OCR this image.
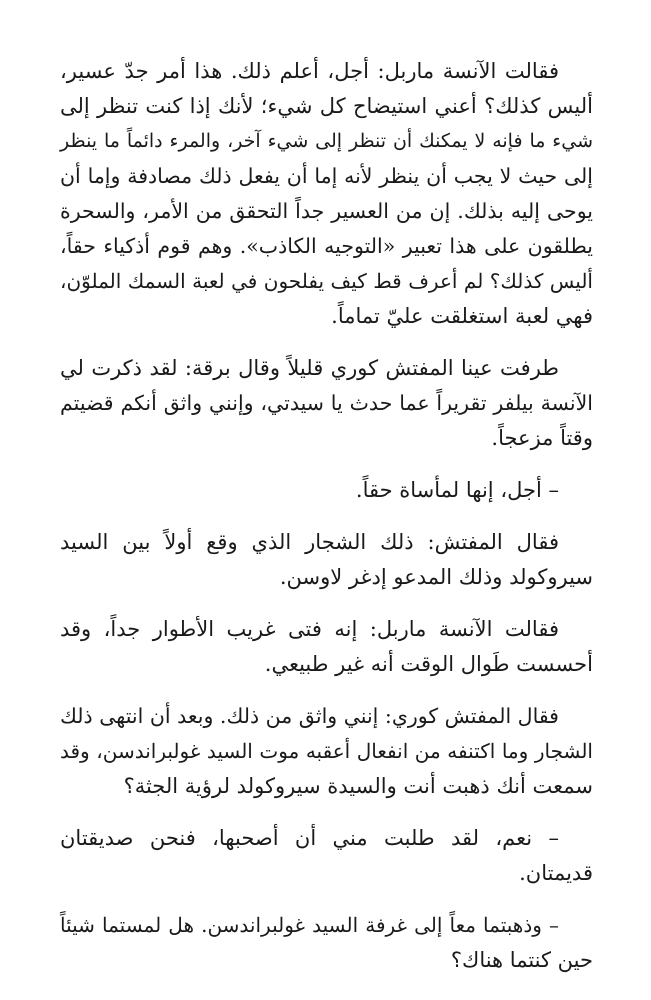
فقالت الآنسة ماربل: أجل، أعلم ذلك. هذا أمر جدّ عسير،
أليس كذلك؟ أعني استيضاح كل شيء؛ لأنك إذا كنت تنظر إلى
شيء ما فإنه لا يمكنك أن تنظر إلى شيء آخر، والمرء دائماً ما ينظر
إلى حيث لا يجب أن ينظر لأنه إما أن يفعل ذلك مصادفة وإما أن
يوحى إليه بذلك. إن من العسير جداً التحقق من الأمر، والسحرة
يطلقون على هذا تعبير «التوجيه الكاذب». وهم قوم أذكياء حقاً،
أليس كذلك؟ لم أعرف قط كيف يفلحون في لعبة السمك الملوّن،
فهي لعبة استغلقت عليّ تماماً.
طرفت عينا المفتش كوري قليلاً وقال برقة: لقد ذكرت لي
الآنسة بيلفر تقريراً عما حدث يا سيدتي، وإنني واثق أنكم قضيتم
وقتاً مزعجاً.
– أجل، إنها لمأساة حقاً.
فقال المفتش: ذلك الشجار الذي وقع أولاً بين السيد
سيروكولد وذلك المدعو إدغر لاوسن.
فقالت الآنسة ماربل: إنه فتى غريب الأطوار جداً، وقد
أحسست طَوال الوقت أنه غير طبيعي.
فقال المفتش كوري: إنني واثق من ذلك. وبعد أن انتهى ذلك
الشجار وما اكتنفه من انفعال أعقبه موت السيد غولبراندسن، وقد
سمعت أنك ذهبت أنت والسيدة سيروكولد لرؤية الجثة؟
– نعم، لقد طلبت مني أن أصحبها، فنحن صديقتان
قديمتان.
– وذهبتما معاً إلى غرفة السيد غولبراندسن. هل لمستما شيئاً
حين كنتما هناك؟
